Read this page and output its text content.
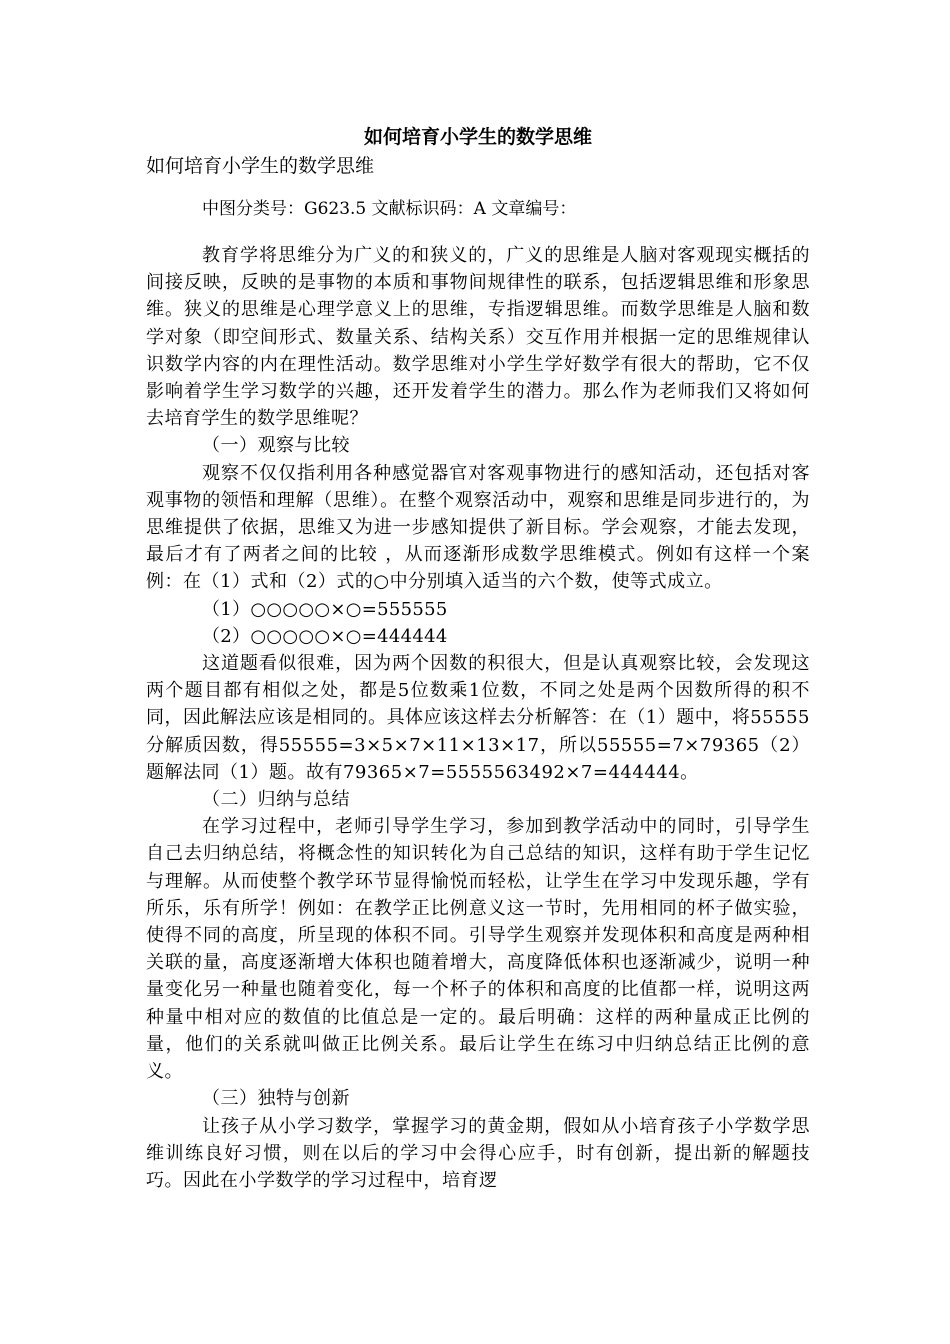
如何培育小学生的数学思维

如何培育小学生的数学思维

中图分类号：G623.5 文献标识码：A 文章编号：

教育学将思维分为广义的和狭义的，广义的思维是人脑对客观现实概括的间接反映，反映的是事物的本质和事物间规律性的联系，包括逻辑思维和形象思维。狭义的思维是心理学意义上的思维，专指逻辑思维。而数学思维是人脑和数学对象（即空间形式、数量关系、结构关系）交互作用并根据一定的思维规律认识数学内容的内在理性活动。数学思维对小学生学好数学有很大的帮助，它不仅影响着学生学习数学的兴趣，还开发着学生的潜力。那么作为老师我们又将如何去培育学生的数学思维呢？

（一）观察与比较

观察不仅仅指利用各种感觉器官对客观事物进行的感知活动，还包括对客观事物的领悟和理解（思维）。在整个观察活动中，观察和思维是同步进行的，为思维提供了依据，思维又为进一步感知提供了新目标。学会观察，才能去发现，最后才有了两者之间的比较 ，从而逐渐形成数学思维模式。例如有这样一个案例：在（1）式和（2）式的○中分别填入适当的六个数，使等式成立。

（1）○○○○○×○=555555

（2）○○○○○×○=444444

这道题看似很难，因为两个因数的积很大，但是认真观察比较，会发现这两个题目都有相似之处，都是5位数乘1位数，不同之处是两个因数所得的积不同，因此解法应该是相同的。具体应该这样去分析解答：在（1）题中，将55555分解质因数，得55555=3×5×7×11×13×17，所以55555=7×79365（2）题解法同（1）题。故有79365×7=5555563492×7=444444。

（二）归纳与总结

在学习过程中，老师引导学生学习，参加到教学活动中的同时，引导学生自己去归纳总结，将概念性的知识转化为自己总结的知识，这样有助于学生记忆与理解。从而使整个教学环节显得愉悦而轻松，让学生在学习中发现乐趣，学有所乐，乐有所学！例如：在教学正比例意义这一节时，先用相同的杯子做实验，使得不同的高度，所呈现的体积不同。引导学生观察并发现体积和高度是两种相关联的量，高度逐渐增大体积也随着增大，高度降低体积也逐渐减少，说明一种量变化另一种量也随着变化，每一个杯子的体积和高度的比值都一样，说明这两种量中相对应的数值的比值总是一定的。最后明确：这样的两种量成正比例的量，他们的关系就叫做正比例关系。最后让学生在练习中归纳总结正比例的意义。

（三）独特与创新

让孩子从小学习数学，掌握学习的黄金期，假如从小培育孩子小学数学思维训练良好习惯，则在以后的学习中会得心应手，时有创新，提出新的解题技巧。因此在小学数学的学习过程中，培育逻
